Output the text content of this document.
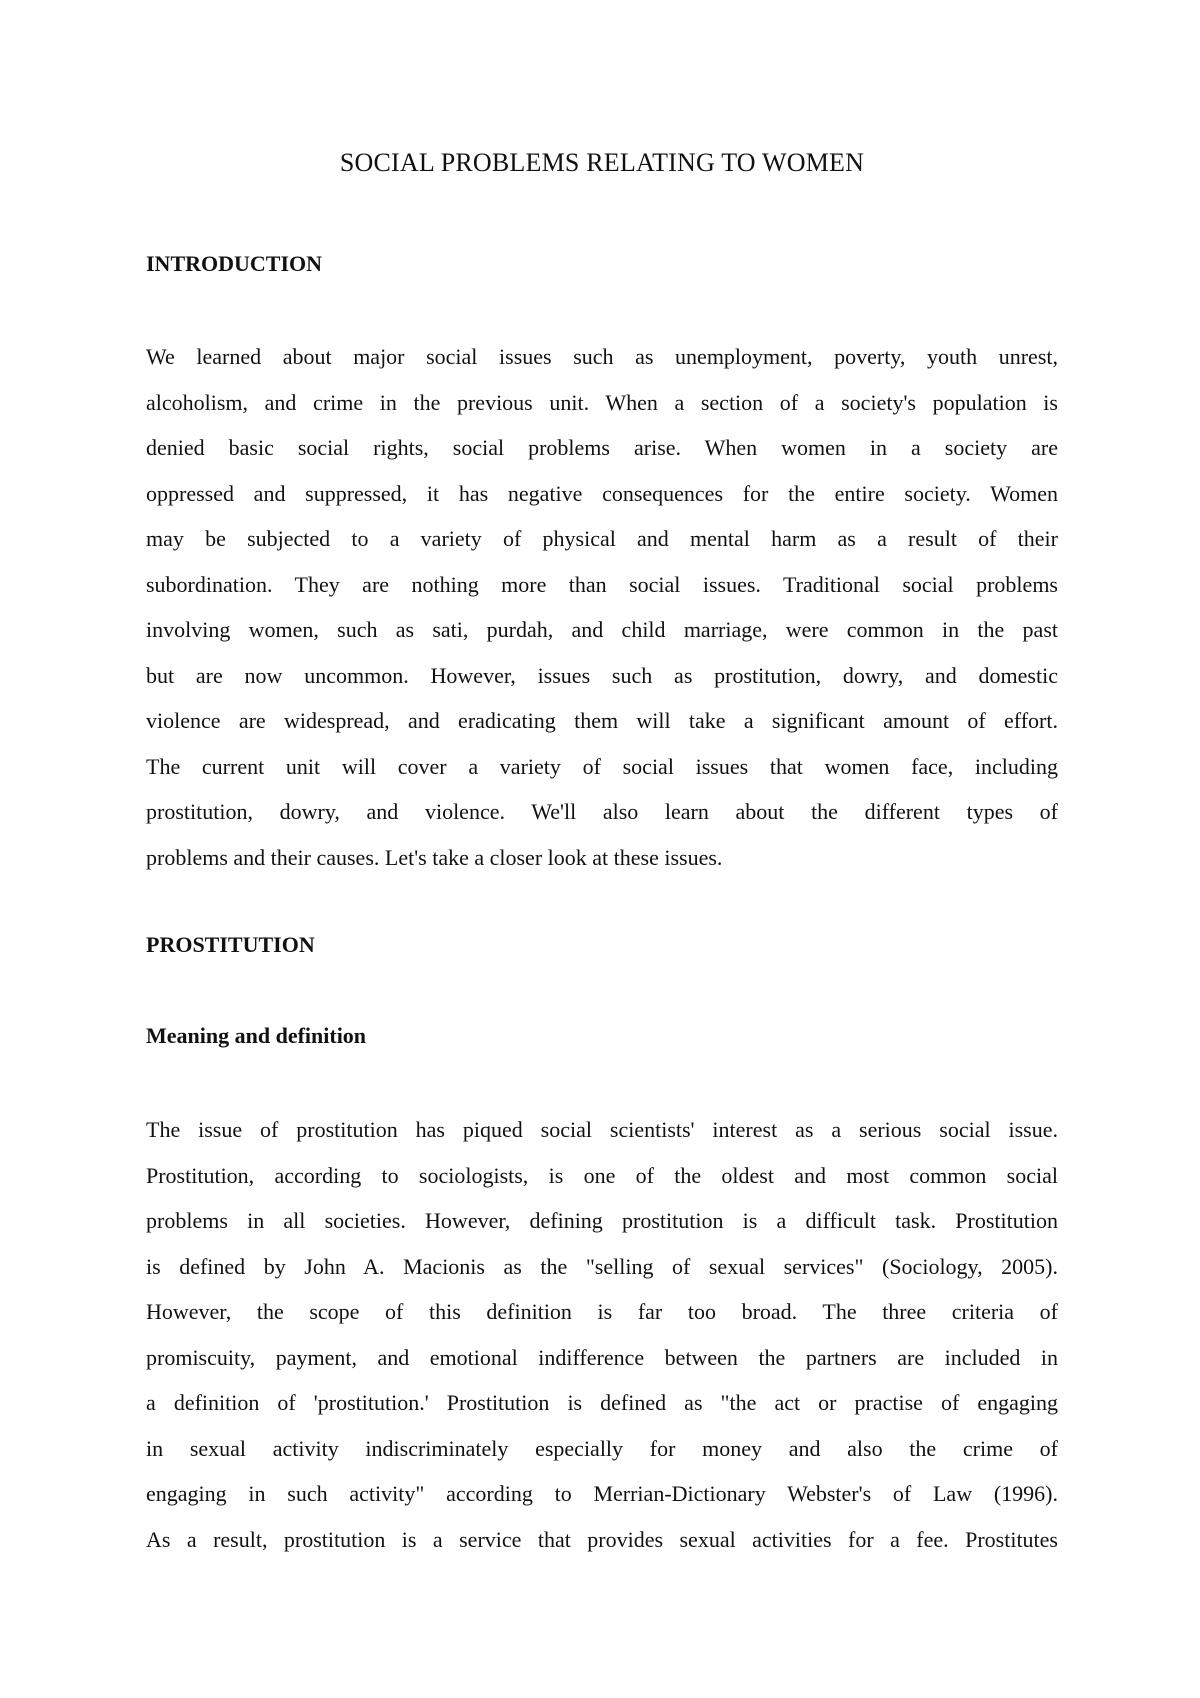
SOCIAL PROBLEMS RELATING TO WOMEN
INTRODUCTION
We learned about major social issues such as unemployment, poverty, youth unrest,
alcoholism, and crime in the previous unit. When a section of a society's population is
denied basic social rights, social problems arise. When women in a society are
oppressed and suppressed, it has negative consequences for the entire society. Women
may be subjected to a variety of physical and mental harm as a result of their
subordination. They are nothing more than social issues. Traditional social problems
involving women, such as sati, purdah, and child marriage, were common in the past
but are now uncommon. However, issues such as prostitution, dowry, and domestic
violence are widespread, and eradicating them will take a significant amount of effort.
The current unit will cover a variety of social issues that women face, including
prostitution, dowry, and violence. We'll also learn about the different types of
problems and their causes. Let's take a closer look at these issues.
PROSTITUTION
Meaning and definition
The issue of prostitution has piqued social scientists' interest as a serious social issue.
Prostitution, according to sociologists, is one of the oldest and most common social
problems in all societies. However, defining prostitution is a difficult task. Prostitution
is defined by John A. Macionis as the "selling of sexual services" (Sociology, 2005).
However, the scope of this definition is far too broad. The three criteria of
promiscuity, payment, and emotional indifference between the partners are included in
a definition of 'prostitution.' Prostitution is defined as "the act or practise of engaging
in sexual activity indiscriminately especially for money and also the crime of
engaging in such activity" according to Merrian-Dictionary Webster's of Law (1996).
As a result, prostitution is a service that provides sexual activities for a fee. Prostitutes
